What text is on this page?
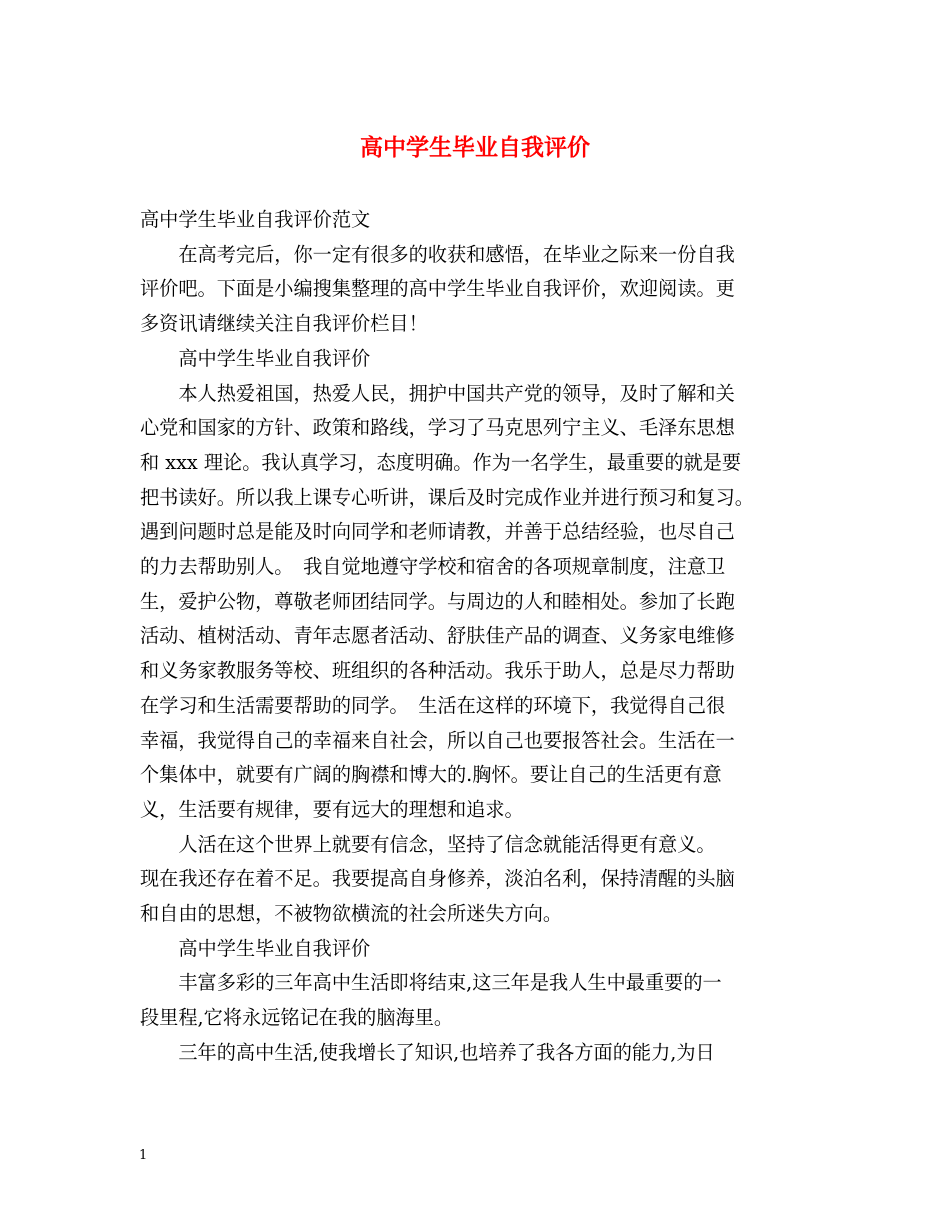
高中学生毕业自我评价

高中学生毕业自我评价范文

　　在高考完后，你一定有很多的收获和感悟，在毕业之际来一份自我

评价吧。下面是小编搜集整理的高中学生毕业自我评价，欢迎阅读。更

多资讯请继续关注自我评价栏目！

　　高中学生毕业自我评价

　　本人热爱祖国，热爱人民，拥护中国共产党的领导，及时了解和关

心党和国家的方针、政策和路线，学习了马克思列宁主义、毛泽东思想

和 xxx 理论。我认真学习，态度明确。作为一名学生，最重要的就是要

把书读好。所以我上课专心听讲，课后及时完成作业并进行预习和复习。

遇到问题时总是能及时向同学和老师请教，并善于总结经验，也尽自己

的力去帮助别人。　我自觉地遵守学校和宿舍的各项规章制度，注意卫

生，爱护公物，尊敬老师团结同学。与周边的人和睦相处。参加了长跑

活动、植树活动、青年志愿者活动、舒肤佳产品的调查、义务家电维修

和义务家教服务等校、班组织的各种活动。我乐于助人，总是尽力帮助

在学习和生活需要帮助的同学。　生活在这样的环境下，我觉得自己很

幸福，我觉得自己的幸福来自社会，所以自己也要报答社会。生活在一

个集体中，就要有广阔的胸襟和博大的.胸怀。要让自己的生活更有意

义，生活要有规律，要有远大的理想和追求。

　　人活在这个世界上就要有信念，坚持了信念就能活得更有意义。

现在我还存在着不足。我要提高自身修养，淡泊名利，保持清醒的头脑

和自由的思想，不被物欲横流的社会所迷失方向。

　　高中学生毕业自我评价

　　丰富多彩的三年高中生活即将结束,这三年是我人生中最重要的一

段里程,它将永远铭记在我的脑海里。

　　三年的高中生活,使我增长了知识,也培养了我各方面的能力,为日

1
